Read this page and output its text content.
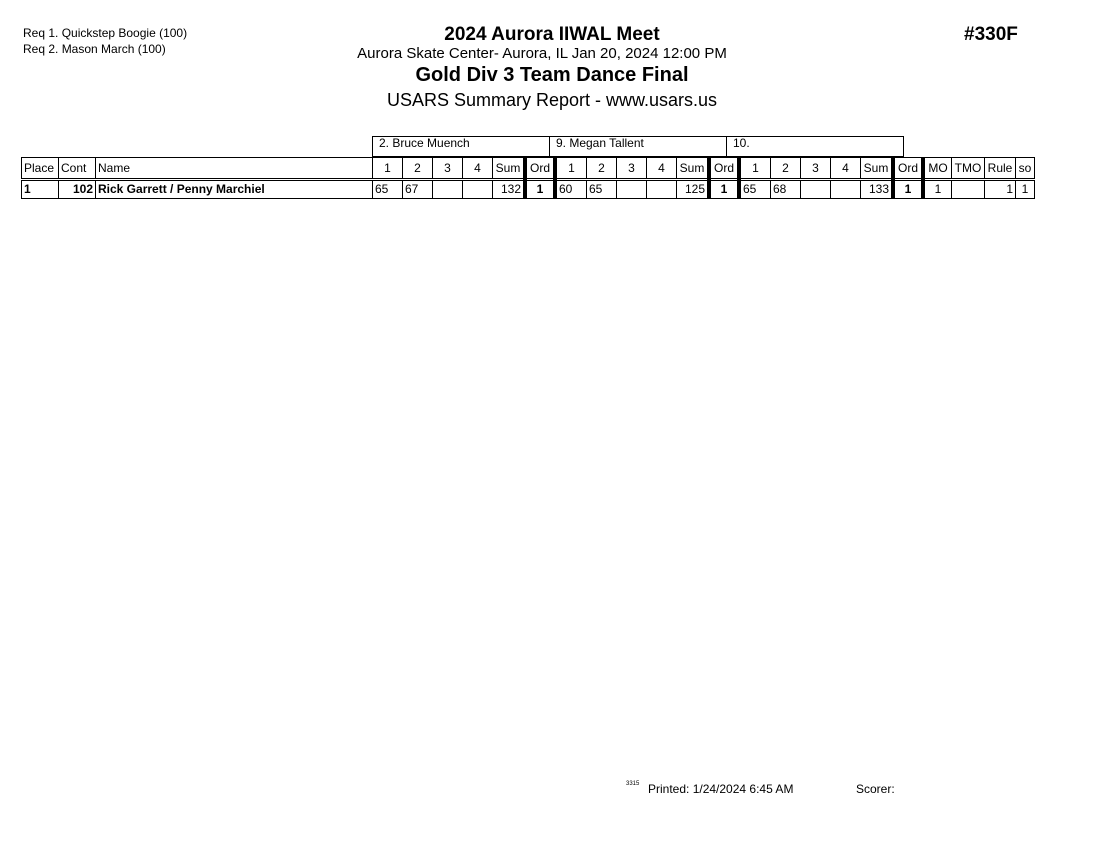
Req 1. Quickstep Boogie (100)
Req 2. Mason March (100)
2024 Aurora IIWAL Meet
Aurora Skate Center- Aurora, IL Jan 20, 2024 12:00 PM
Gold Div 3 Team Dance Final
USARS Summary Report - www.usars.us
#330F
2. Bruce Muench	9. Megan Tallent	10.
Place	Cont	Name	1	2	3	4	Sum	Ord	1	2	3	4	Sum	Ord	1	2	3	4	Sum	Ord	MO	TMO	Rule	so
1	102	Rick Garrett / Penny Marchiel	65	67			132	1	60	65			125	1	65	68			133	1	1		1	1
3315 Printed: 1/24/2024 6:45 AM	Scorer:
